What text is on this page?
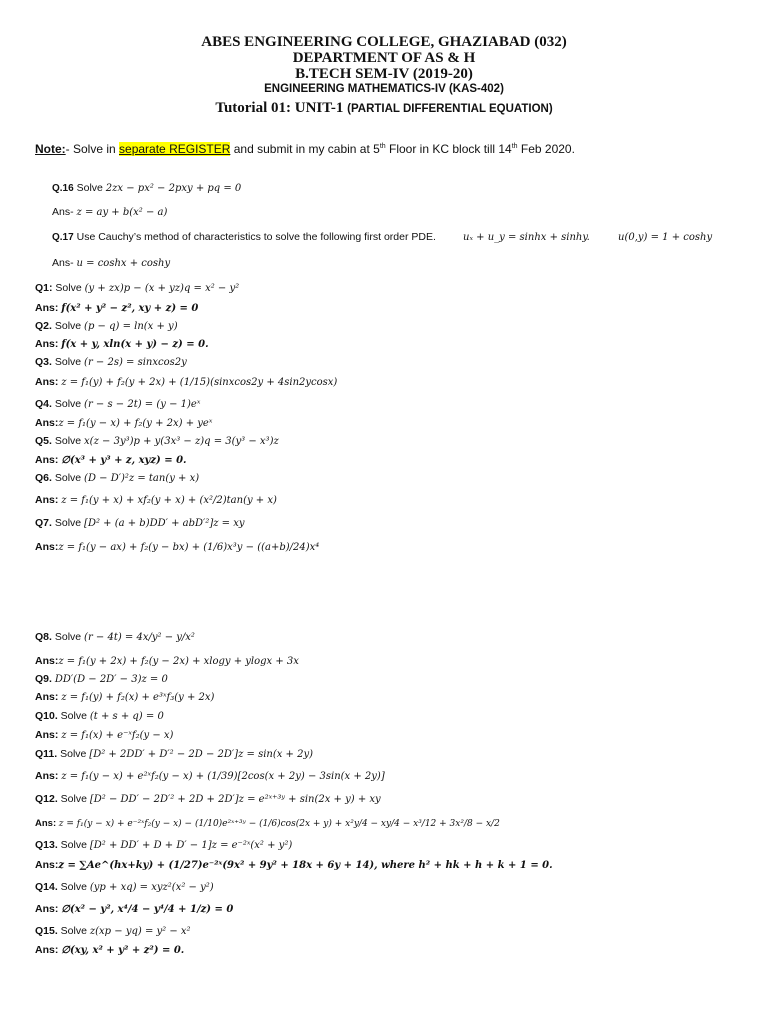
ABES ENGINEERING COLLEGE, GHAZIABAD (032)
DEPARTMENT OF AS & H
B.TECH SEM-IV (2019-20)
ENGINEERING MATHEMATICS-IV (KAS-402)
Tutorial 01: UNIT-1 (PARTIAL DIFFERENTIAL EQUATION)
Note:- Solve in separate REGISTER and submit in my cabin at 5th Floor in KC block till 14th Feb 2020.
Q.16 Solve 2zx − px² − 2pxy + pq = 0
Ans- z = ay + b(x² − a)
Q.17 Use Cauchy’s method of characteristics to solve the following first order PDE.	uₓ + u_y = sinhx + sinhy.	u(0,y) = 1 + coshy
Ans- u = coshx + coshy
Q1: Solve (y + zx)p − (x + yz)q = x² − y²
Ans: f(x² + y² − z², xy + z) = 0
Q2. Solve (p − q) = ln(x + y)
Ans: f(x + y, xln(x + y) − z) = 0.
Q3. Solve (r − 2s) = sinxcos2y
Ans: z = f₁(y) + f₂(y + 2x) + (1/15)(sinxcos2y + 4sin2ycosx)
Q4. Solve (r − s − 2t) = (y − 1)eˣ
Ans:z = f₁(y − x) + f₂(y + 2x) + yeˣ
Q5. Solve x(z − 3y³)p + y(3x³ − z)q = 3(y³ − x³)z
Ans: ∅(x³ + y³ + z, xyz) = 0.
Q6. Solve (D − D′)²z = tan(y + x)
Ans: z = f₁(y + x) + xf₂(y + x) + (x²/2)tan(y + x)
Q7. Solve [D² + (a + b)DD′ + abD′²]z = xy
Ans:z = f₁(y − ax) + f₂(y − bx) + (1/6)x³y − ((a+b)/24)x⁴
Q8. Solve (r − 4t) = 4x/y² − y/x²
Ans:z = f₁(y + 2x) + f₂(y − 2x) + xlogy + ylogx + 3x
Q9. DD′(D − 2D′ − 3)z = 0
Ans: z = f₁(y) + f₂(x) + e³ˣf₃(y + 2x)
Q10. Solve (t + s + q) = 0
Ans: z = f₁(x) + e⁻ˣf₂(y − x)
Q11. Solve [D² + 2DD′ + D′² − 2D − 2D′]z = sin(x + 2y)
Ans: z = f₁(y − x) + e²ˣf₂(y − x) + (1/39)[2cos(x + 2y) − 3sin(x + 2y)]
Q12. Solve [D² − DD′ − 2D′² + 2D + 2D′]z = e²ˣ⁺³ʸ + sin(2x + y) + xy
Ans: z = f₁(y − x) + e⁻²ˣf₂(y − x) − (1/10)e²ˣ⁺³ʸ − (1/6)cos(2x + y) + x²y/4 − xy/4 − x³/12 + 3x²/8 − x/2
Q13. Solve [D² + DD′ + D + D′ − 1]z = e⁻²ˣ(x² + y²)
Ans:z = ∑Ae^(hx+ky) + (1/27)e⁻²ˣ(9x² + 9y² + 18x + 6y + 14), where h² + hk + h + k + 1 = 0.
Q14. Solve (yp + xq) = xyz²(x² − y²)
Ans: ∅(x² − y², x⁴/4 − y⁴/4 + 1/z) = 0
Q15. Solve z(xp − yq) = y² − x²
Ans: ∅(xy, x² + y² + z²) = 0.
